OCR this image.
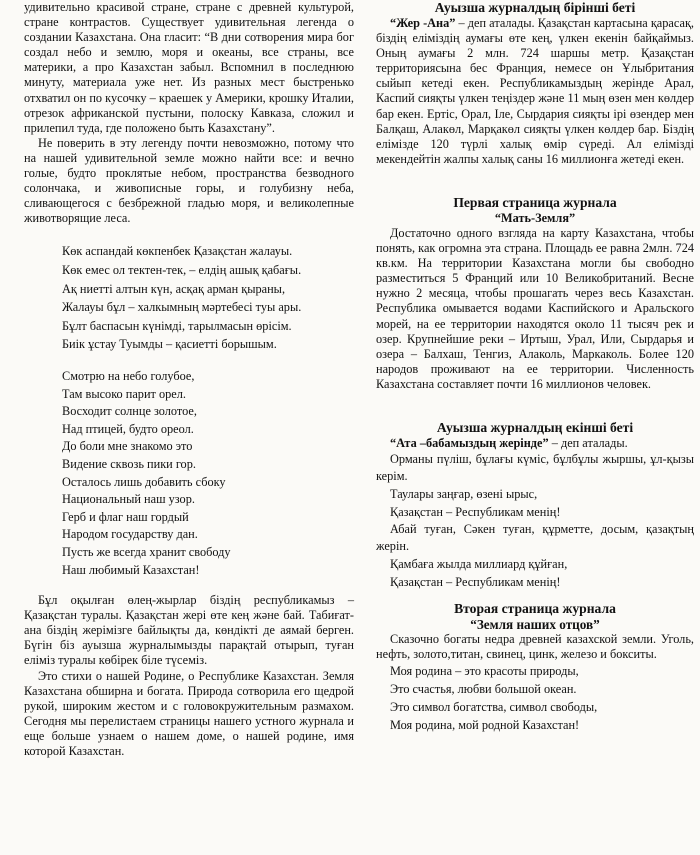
удивительно красивой стране, стране с древней культурой, стране контрастов. Существует удивительная легенда о создании Казахстана. Она гласит: “В дни сотворения мира бог создал небо и землю, моря и океаны, все страны, все материки, а про Казахстан забыл. Вспомнил в последнюю минуту, материала уже нет. Из разных мест быстренько отхватил он по кусочку – краешек у Америки, крошку Италии, отрезок африканской пустыни, полоску Кавказа, сложил и прилепил туда, где положено быть Казахстану”.

Не поверить в эту легенду почти невозможно, потому что на нашей удивительной земле можно найти все: и вечно голые, будто проклятые небом, пространства безводного солончака, и живописные горы, и голубизну неба, сливающегося с безбрежной гладью моря, и великолепные животворящие леса.

Көк аспандай көкпенбек Қазақстан жалауы.
Көк емес ол тектен-тек, – елдің ашық қабағы.
Ақ ниетті алтын күн, асқақ арман қыраны,
Жалауы бұл – халкымның мәртебесі туы ары.
Бұлт баспасын күнімді, тарылмасын өрісім.
Биік ұстау Туымды – қасиетті борышым.
Смотрю на небо голубое,
Там высоко парит орел.
Восходит солнце золотое,
Над птицей, будто ореол.
До боли мне знакомо это
Видение сквозь пики гор.
Осталось лишь добавить сбоку
Национальный наш узор.
Герб и флаг наш гордый
Народом государству дан.
Пусть же всегда хранит свободу
Наш любимый Казахстан!

Бұл оқылған өлең-жырлар біздің республикамыз – Қазақстан туралы. Қазақстан жері өте кең және бай. Табиғат-ана біздің жерімізге байлықты да, көндікті де аямай берген. Бүгін біз ауызша журналымызды парақтай отырып, туған еліміз туралы көбірек біле түсеміз.

Это стихи о нашей Родине, о Республике Казахстан. Земля Казахстана обширна и богата. Природа сотворила его щедрой рукой, широким жестом и с головокружительным размахом. Сегодня мы перелистаем страницы нашего устного журнала и еще больше узнаем о нашем доме, о нашей родине, имя которой Казахстан.

Ауызша журналдың бірінші беті

“Жер -Ана” – деп аталады. Қазақстан картасына қарасақ, біздің еліміздің аумағы өте кең, үлкен екенін байқаймыз. Оның аумағы 2 млн. 724 шаршы метр. Қазақстан территориясына бес Франция, немесе он Ұлыбритания сыйып кетеді екен. Республикамыздың жерінде Арал, Каспий сияқты үлкен теңіздер және 11 мың өзен мен көлдер бар екен. Ертіс, Орал, Іле, Сырдария сияқты ірі өзендер мен Балқаш, Алакөл, Марқакөл сияқты үлкен көлдер бар. Біздің елімізде 120 түрлі халық өмір сүреді. Ал елімізді мекендейтін жалпы халық саны 16 миллионға жетеді екен.

Первая страница журнала
“Мать-Земля”

Достаточно одного взгляда на карту Казахстана, чтобы понять, как огромна эта страна. Площадь ее равна 2млн. 724 кв.км. На территории Казахстана могли бы свободно разместиться 5 Франций или 10 Великобританий. Весне нужно 2 месяца, чтобы прошагать через весь Казахстан. Республика омывается водами Каспийского и Аральского морей, на ее территории находятся около 11 тысяч рек и озер. Крупнейшие реки – Иртыш, Урал, Или, Сырдарья и озера – Балхаш, Тенгиз, Алаколь, Маркаколь. Более 120 народов проживают на ее территории. Численность Казахстана составляет почти 16 миллионов человек.

Ауызша журналдың екінші беті

“Ата –бабамыздың жерінде” – деп аталады.

Орманы пүліш, бұлағы күміс, бұлбұлы жыршы, ұл-қызы керім.

Таулары заңғар, өзені ырыс,
Қазақстан – Республикам менің!

Абай туған, Сәкен туған, құрметте, досым, қазақтың жерін.

Қамбаға жылда миллиард құйған,
Қазақстан – Республикам менің!
Вторая страница журнала
“Земля наших отцов”

Сказочно богаты недра древней казахской земли. Уголь, нефть, золото,титан, свинец, цинк, железо и бокситы.

Моя родина – это красоты природы,
Это счастья, любви большой океан.
Это символ богатства, символ свободы,
Моя родина, мой родной Казахстан!
